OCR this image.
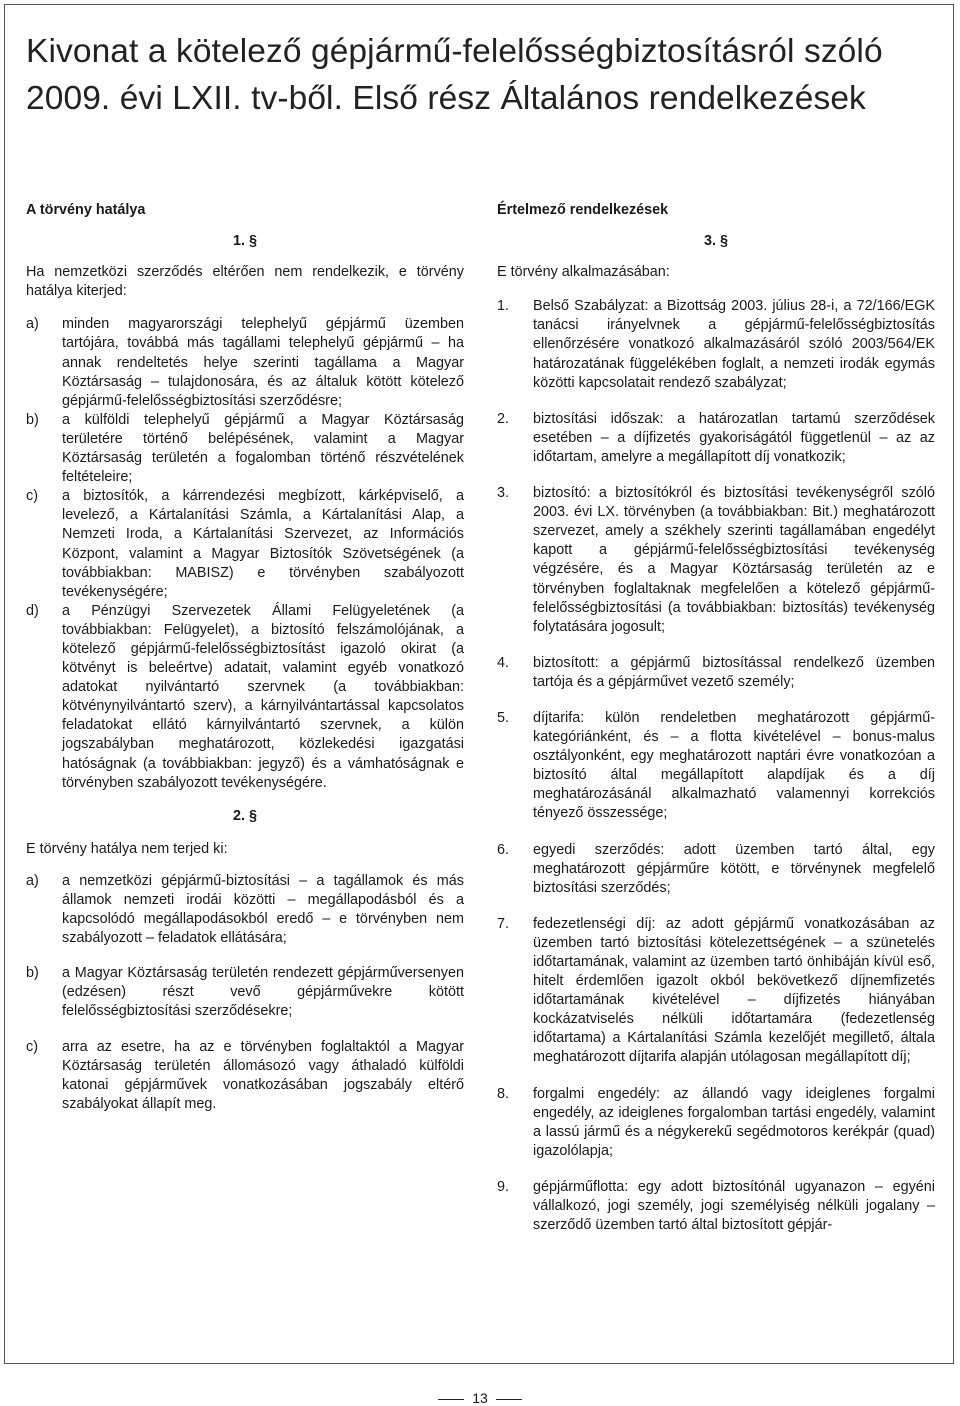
Kivonat a kötelező gépjármű-felelősségbiztosításról szóló
2009. évi LXII. tv-ből. Első rész Általános rendelkezések
A törvény hatálya
1. §
Ha nemzetközi szerződés eltérően nem rendelkezik, e törvény hatálya kiterjed:
a) minden magyarországi telephelyű gépjármű üzemben tartójára, továbbá más tagállami telephelyű gépjármű – ha annak rendeltetés helye szerinti tagállama a Magyar Köztársaság – tulajdonosára, és az általuk kötött kötelező gépjármű-felelősségbiztosítási szerződésre;
b) a külföldi telephelyű gépjármű a Magyar Köztársaság területére történő belépésének, valamint a Magyar Köztársaság területén a fogalomban történő részvételének feltételeire;
c) a biztosítók, a kárrendezési megbízott, kárképviselő, a levelező, a Kártalanítási Számla, a Kártalanítási Alap, a Nemzeti Iroda, a Kártalanítási Szervezet, az Információs Központ, valamint a Magyar Biztosítók Szövetségének (a továbbiakban: MABISZ) e törvényben szabályozott tevékenységére;
d) a Pénzügyi Szervezetek Állami Felügyeletének (a továbbiakban: Felügyelet), a biztosító felszámolójának, a kötelező gépjármű-felelősségbiztosítást igazoló okirat (a kötvényt is beleértve) adatait, valamint egyéb vonatkozó adatokat nyilvántartó szervnek (a továbbiakban: kötvénynyilvántartó szerv), a kárnyilvántartással kapcsolatos feladatokat ellátó kárnyilvántartó szervnek, a külön jogszabályban meghatározott, közlekedési igazgatási hatóságnak (a továbbiakban: jegyző) és a vámhatóságnak e törvényben szabályozott tevékenységére.
2. §
E törvény hatálya nem terjed ki:
a) a nemzetközi gépjármű-biztosítási – a tagállamok és más államok nemzeti irodái közötti – megállapodásból és a kapcsolódó megállapodásokból eredő – e törvényben nem szabályozott – feladatok ellátására;
b) a Magyar Köztársaság területén rendezett gépjárműversenyen (edzésen) részt vevő gépjárművekre kötött felelősségbiztosítási szerződésekre;
c) arra az esetre, ha az e törvényben foglaltaktól a Magyar Köztársaság területén állomásozó vagy áthaladó külföldi katonai gépjárművek vonatkozásában jogszabály eltérő szabályokat állapít meg.
Értelmező rendelkezések
3. §
E törvény alkalmazásában:
1. Belső Szabályzat: a Bizottság 2003. július 28-i, a 72/166/EGK tanácsi irányelvnek a gépjármű-felelősségbiztosítás ellenőrzésére vonatkozó alkalmazásáról szóló 2003/564/EK határozatának függelékében foglalt, a nemzeti irodák egymás közötti kapcsolatait rendező szabályzat;
2. biztosítási időszak: a határozatlan tartamú szerződések esetében – a díjfizetés gyakoriságától függetlenül – az az időtartam, amelyre a megállapított díj vonatkozik;
3. biztosító: a biztosítókról és biztosítási tevékenységről szóló 2003. évi LX. törvényben (a továbbiakban: Bit.) meghatározott szervezet, amely a székhely szerinti tagállamában engedélyt kapott a gépjármű-felelősségbiztosítási tevékenység végzésére, és a Magyar Köztársaság területén az e törvényben foglaltaknak megfelelően a kötelező gépjármű-felelősségbiztosítási (a továbbiakban: biztosítás) tevékenység folytatására jogosult;
4. biztosított: a gépjármű biztosítással rendelkező üzemben tartója és a gépjárművet vezető személy;
5. díjtarifa: külön rendeletben meghatározott gépjármű-kategóriánként, és – a flotta kivételével – bonus-malus osztályonként, egy meghatározott naptári évre vonatkozóan a biztosító által megállapított alapdíjak és a díj meghatározásánál alkalmazható valamennyi korrekciós tényező összessége;
6. egyedi szerződés: adott üzemben tartó által, egy meghatározott gépjárműre kötött, e törvénynek megfelelő biztosítási szerződés;
7. fedezetlenségi díj: az adott gépjármű vonatkozásában az üzemben tartó biztosítási kötelezettségének – a szünetelés időtartamának, valamint az üzemben tartó önhibáján kívül eső, hitelt érdemlően igazolt okból bekövetkező díjnemfizetés időtartamának kivételével – díjfizetés hiányában kockázatviselés nélküli időtartamára (fedezetlenség időtartama) a Kártalanítási Számla kezelőjét megillető, általa meghatározott díjtarifa alapján utólagosan megállapított díj;
8. forgalmi engedély: az állandó vagy ideiglenes forgalmi engedély, az ideiglenes forgalomban tartási engedély, valamint a lassú jármű és a négykerekű segédmotoros kerékpár (quad) igazolólapja;
9. gépjárműflotta: egy adott biztosítónál ugyanazon – egyéni vállalkozó, jogi személy, jogi személyiség nélküli jogalany – szerződő üzemben tartó által biztosított gépjár-
13
